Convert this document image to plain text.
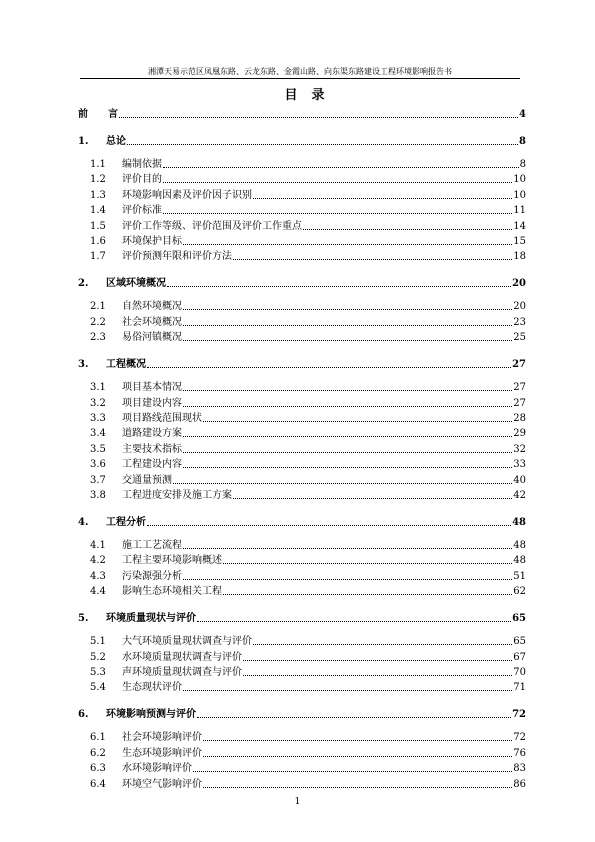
湘潭天易示范区凤凰东路、云龙东路、金霞山路、向东渠东路建设工程环境影响报告书
目录
前　　言	4
1.	总论	8
1.1	编制依据	8
1.2	评价目的	10
1.3	环境影响因素及评价因子识别	10
1.4	评价标准	11
1.5	评价工作等级、评价范围及评价工作重点	14
1.6	环境保护目标	15
1.7	评价预测年限和评价方法	18
2.	区域环境概况	20
2.1	自然环境概况	20
2.2	社会环境概况	23
2.3	易俗河镇概况	25
3.	工程概况	27
3.1	项目基本情况	27
3.2	项目建设内容	27
3.3	项目路线范围现状	28
3.4	道路建设方案	29
3.5	主要技术指标	32
3.6	工程建设内容	33
3.7	交通量预测	40
3.8	工程进度安排及施工方案	42
4.	工程分析	48
4.1	施工工艺流程	48
4.2	工程主要环境影响概述	48
4.3	污染源强分析	51
4.4	影响生态环境相关工程	62
5.	环境质量现状与评价	65
5.1	大气环境质量现状调查与评价	65
5.2	水环境质量现状调查与评价	67
5.3	声环境质量现状调查与评价	70
5.4	生态现状评价	71
6.	环境影响预测与评价	72
6.1	社会环境影响评价	72
6.2	生态环境影响评价	76
6.3	水环境影响评价	83
6.4	环境空气影响评价	86
1
